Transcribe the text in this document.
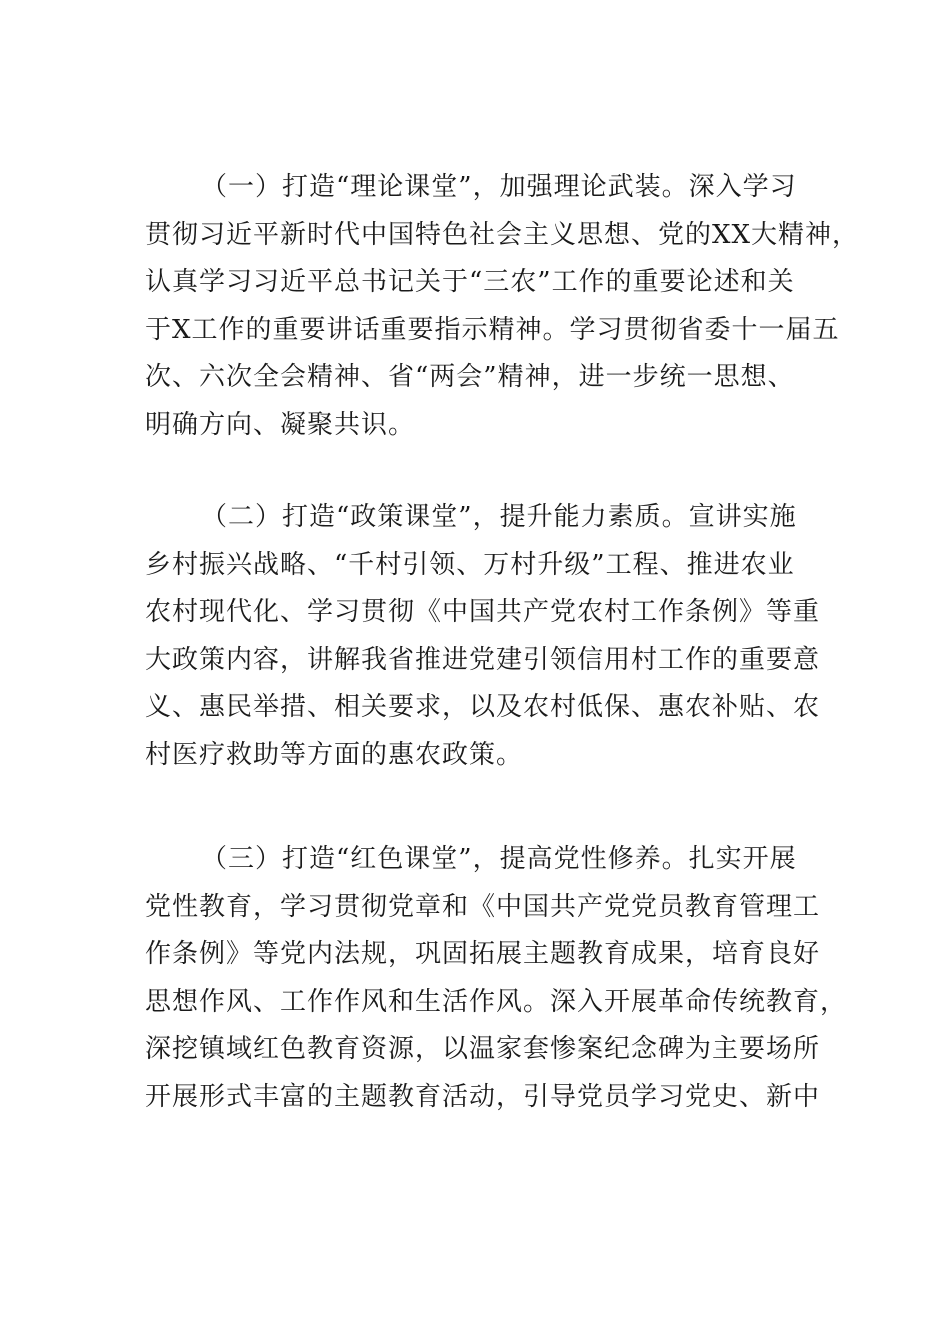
（一）打造“理论课堂”，加强理论武装。深入学习
贯彻习近平新时代中国特色社会主义思想、党的XX大精神，
认真学习习近平总书记关于“三农”工作的重要论述和关
于X工作的重要讲话重要指示精神。学习贯彻省委十一届五
次、六次全会精神、省“两会”精神，进一步统一思想、
明确方向、凝聚共识。
（二）打造“政策课堂”，提升能力素质。宣讲实施
乡村振兴战略、“千村引领、万村升级”工程、推进农业
农村现代化、学习贯彻《中国共产党农村工作条例》等重
大政策内容，讲解我省推进党建引领信用村工作的重要意
义、惠民举措、相关要求，以及农村低保、惠农补贴、农
村医疗救助等方面的惠农政策。
（三）打造“红色课堂”，提高党性修养。扎实开展
党性教育，学习贯彻党章和《中国共产党党员教育管理工
作条例》等党内法规，巩固拓展主题教育成果，培育良好
思想作风、工作作风和生活作风。深入开展革命传统教育，
深挖镇域红色教育资源，以温家套惨案纪念碑为主要场所
开展形式丰富的主题教育活动，引导党员学习党史、新中
